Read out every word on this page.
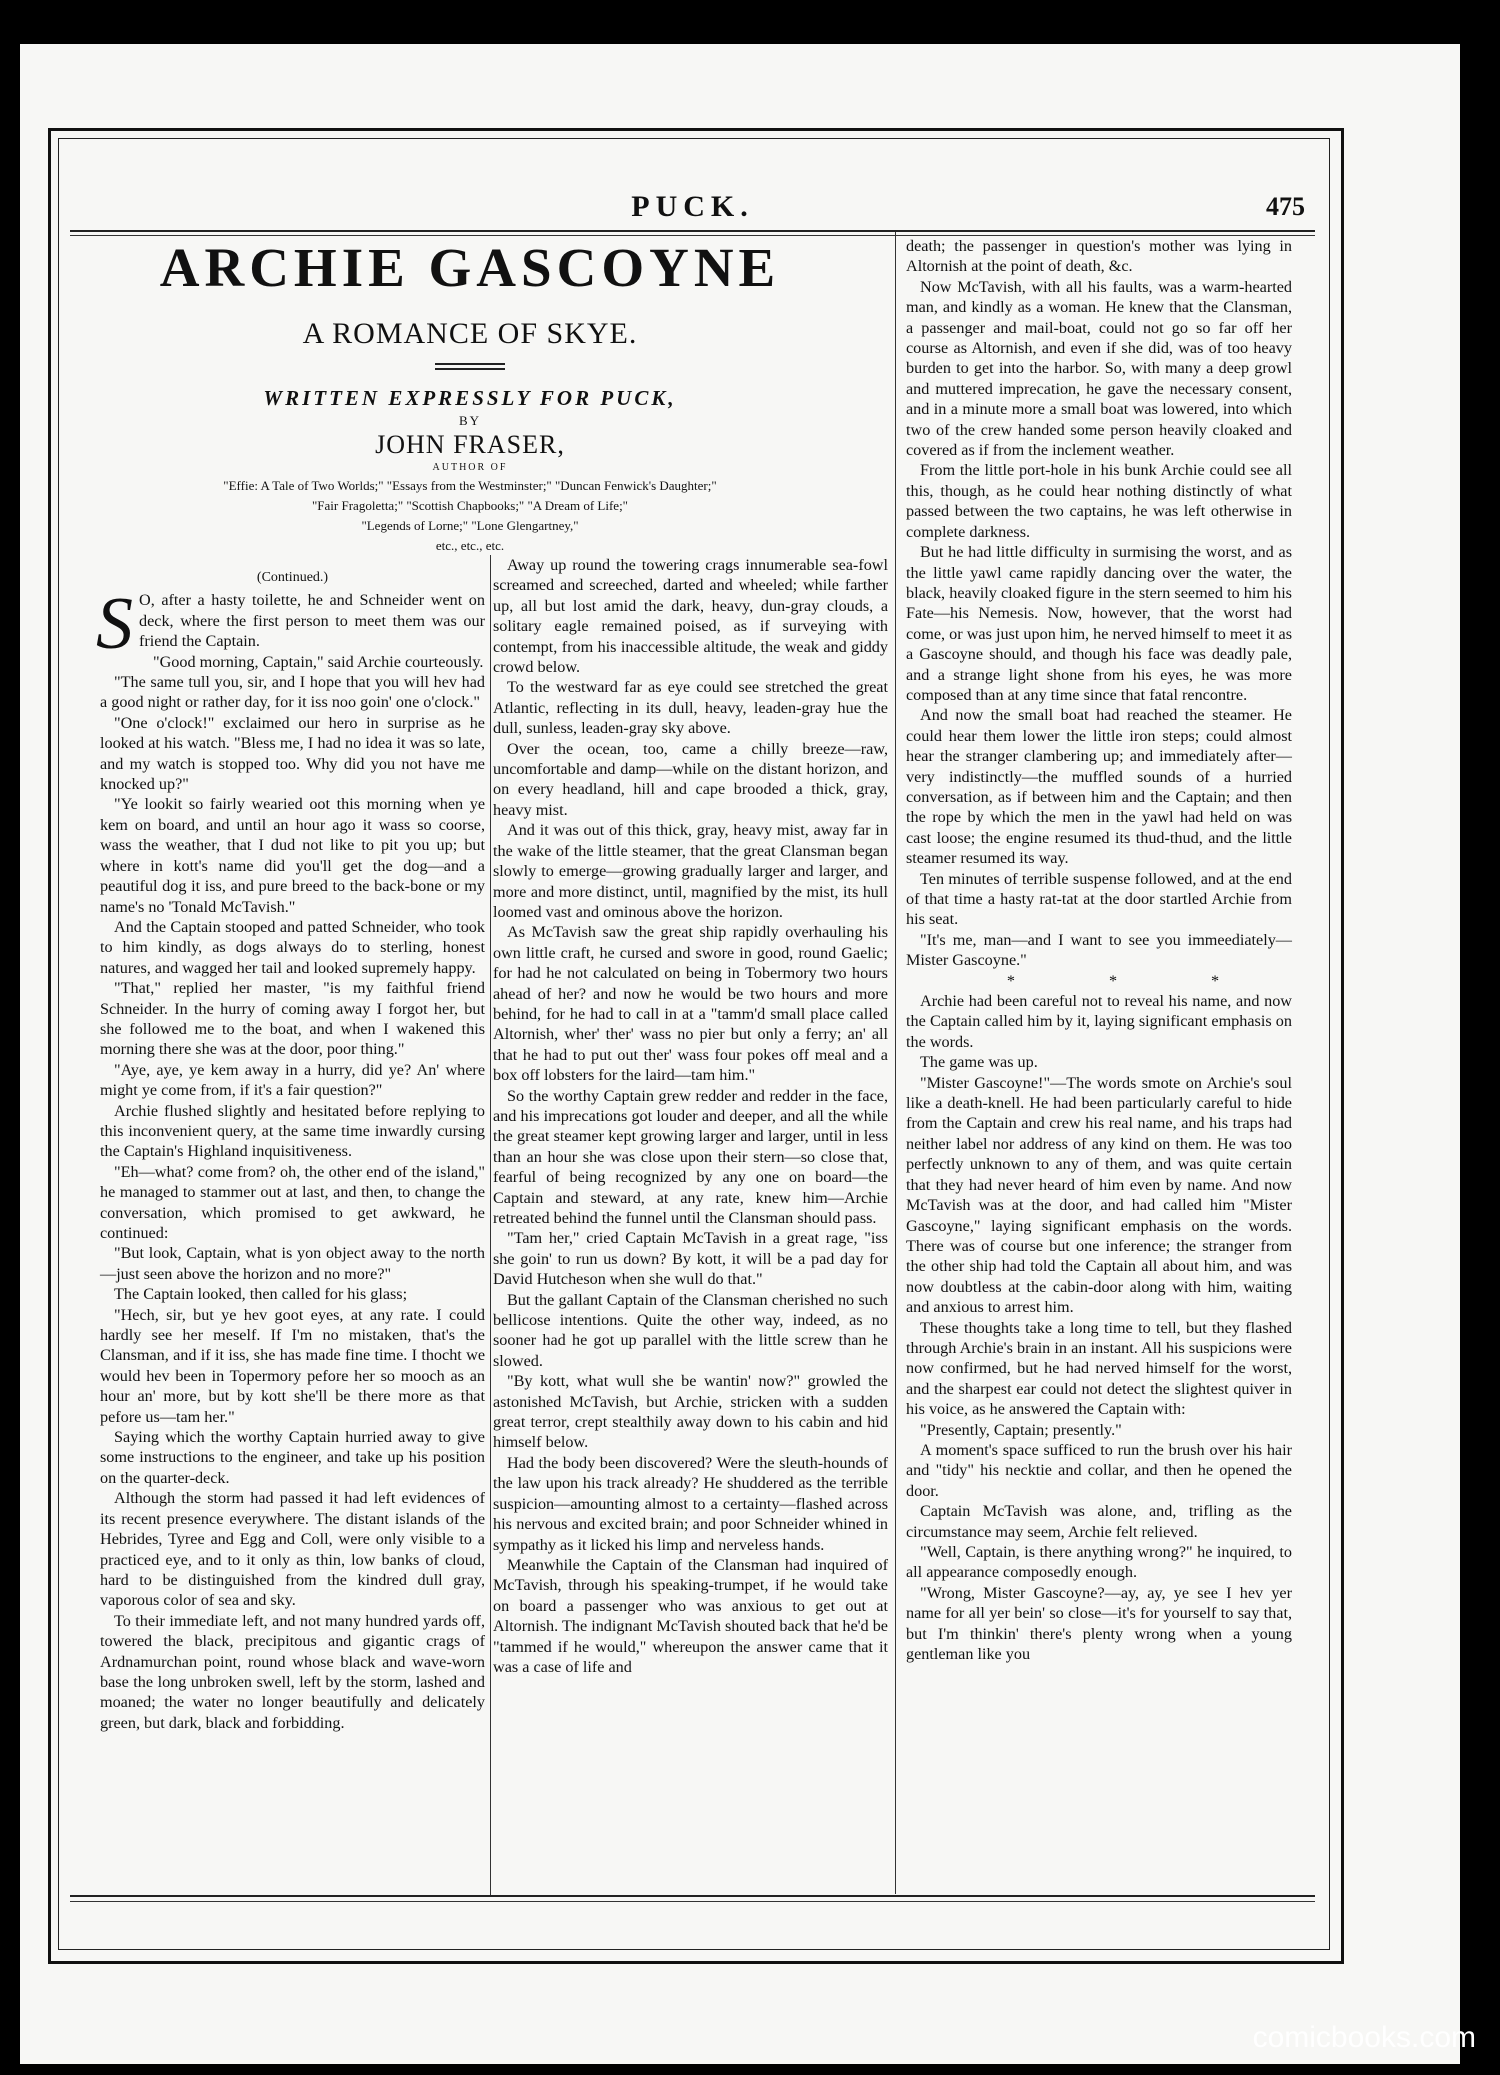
PUCK.	475
ARCHIE GASCOYNE
A ROMANCE OF SKYE.
WRITTEN EXPRESSLY FOR PUCK,
BY
JOHN FRASER,
AUTHOR OF
"Effie: A Tale of Two Worlds;" "Essays from the Westminster;" "Duncan Fenwick's Daughter;"
"Fair Fragoletta;" "Scottish Chapbooks;" "A Dream of Life;"
"Legends of Lorne;" "Lone Glengartney,"
etc., etc., etc.
(Continued.)

S O, after a hasty toilette, he and Schneider went on deck, where the first person to meet them was our friend the Captain.

"Good morning, Captain," said Archie courteously.

"The same tull you, sir, and I hope that you will hev had a good night or rather day, for it iss noo goin' one o'clock."

"One o'clock!" exclaimed our hero in surprise as he looked at his watch. "Bless me, I had no idea it was so late, and my watch is stopped too. Why did you not have me knocked up?"

"Ye lookit so fairly wearied oot this morning when ye kem on board, and until an hour ago it wass so coorse, wass the weather, that I dud not like to pit you up; but where in kott's name did you'll get the dog—and a peautiful dog it iss, and pure breed to the back-bone or my name's no 'Tonald McTavish."

And the Captain stooped and patted Schneider, who took to him kindly, as dogs always do to sterling, honest natures, and wagged her tail and looked supremely happy.

"That," replied her master, "is my faithful friend Schneider. In the hurry of coming away I forgot her, but she followed me to the boat, and when I wakened this morning there she was at the door, poor thing."

"Aye, aye, ye kem away in a hurry, did ye? An' where might ye come from, if it's a fair question?"

Archie flushed slightly and hesitated before replying to this inconvenient query, at the same time inwardly cursing the Captain's Highland inquisitiveness.

"Eh—what? come from? oh, the other end of the island," he managed to stammer out at last, and then, to change the conversation, which promised to get awkward, he continued:

"But look, Captain, what is yon object away to the north—just seen above the horizon and no more?"

The Captain looked, then called for his glass;

"Hech, sir, but ye hev goot eyes, at any rate. I could hardly see her meself. If I'm no mistaken, that's the Clansman, and if it iss, she has made fine time. I thocht we would hev been in Topermory pefore her so mooch as an hour an' more, but by kott she'll be there more as that pefore us—tam her."

Saying which the worthy Captain hurried away to give some instructions to the engineer, and take up his position on the quarter-deck.

Although the storm had passed it had left evidences of its recent presence everywhere. The distant islands of the Hebrides, Tyree and Egg and Coll, were only visible to a practiced eye, and to it only as thin, low banks of cloud, hard to be distinguished from the kindred dull gray, vaporous color of sea and sky.

To their immediate left, and not many hundred yards off, towered the black, precipitous and gigantic crags of Ardnamurchan point, round whose black and wave-worn base the long unbroken swell, left by the storm, lashed and moaned; the water no longer beautifully and delicately green, but dark, black and forbidding.

Away up round the towering crags innumerable sea-fowl screamed and screeched, darted and wheeled; while farther up, all but lost amid the dark, heavy, dun-gray clouds, a solitary eagle remained poised, as if surveying with contempt, from his inaccessible altitude, the weak and giddy crowd below.

To the westward far as eye could see stretched the great Atlantic, reflecting in its dull, heavy, leaden-gray hue the dull, sunless, leaden-gray sky above.

Over the ocean, too, came a chilly breeze—raw, uncomfortable and damp—while on the distant horizon, and on every headland, hill and cape brooded a thick, gray, heavy mist.

And it was out of this thick, gray, heavy mist, away far in the wake of the little steamer, that the great Clansman began slowly to emerge—growing gradually larger and larger, and more and more distinct, until, magnified by the mist, its hull loomed vast and ominous above the horizon.

As McTavish saw the great ship rapidly overhauling his own little craft, he cursed and swore in good, round Gaelic; for had he not calculated on being in Tobermory two hours ahead of her? and now he would be two hours and more behind, for he had to call in at a "tamm'd small place called Altornish, wher' ther' wass no pier but only a ferry; an' all that he had to put out ther' wass four pokes off meal and a box off lobsters for the laird—tam him."

So the worthy Captain grew redder and redder in the face, and his imprecations got louder and deeper, and all the while the great steamer kept growing larger and larger, until in less than an hour she was close upon their stern—so close that, fearful of being recognized by any one on board—the Captain and steward, at any rate, knew him—Archie retreated behind the funnel until the Clansman should pass.

"Tam her," cried Captain McTavish in a great rage, "iss she goin' to run us down? By kott, it will be a pad day for David Hutcheson when she wull do that."

But the gallant Captain of the Clansman cherished no such bellicose intentions. Quite the other way, indeed, as no sooner had he got up parallel with the little screw than he slowed.

"By kott, what wull she be wantin' now?" growled the astonished McTavish, but Archie, stricken with a sudden great terror, crept stealthily away down to his cabin and hid himself below.

Had the body been discovered? Were the sleuth-hounds of the law upon his track already? He shuddered as the terrible suspicion—amounting almost to a certainty—flashed across his nervous and excited brain; and poor Schneider whined in sympathy as it licked his limp and nerveless hands.

Meanwhile the Captain of the Clansman had inquired of McTavish, through his speaking-trumpet, if he would take on board a passenger who was anxious to get out at Altornish. The indignant McTavish shouted back that he'd be "tammed if he would," whereupon the answer came that it was a case of life and

death; the passenger in question's mother was lying in Altornish at the point of death, &c.

Now McTavish, with all his faults, was a warm-hearted man, and kindly as a woman. He knew that the Clansman, a passenger and mail-boat, could not go so far off her course as Altornish, and even if she did, was of too heavy burden to get into the harbor. So, with many a deep growl and muttered imprecation, he gave the necessary consent, and in a minute more a small boat was lowered, into which two of the crew handed some person heavily cloaked and covered as if from the inclement weather.

From the little port-hole in his bunk Archie could see all this, though, as he could hear nothing distinctly of what passed between the two captains, he was left otherwise in complete darkness.

But he had little difficulty in surmising the worst, and as the little yawl came rapidly dancing over the water, the black, heavily cloaked figure in the stern seemed to him his Fate—his Nemesis. Now, however, that the worst had come, or was just upon him, he nerved himself to meet it as a Gascoyne should, and though his face was deadly pale, and a strange light shone from his eyes, he was more composed than at any time since that fatal rencontre.

And now the small boat had reached the steamer. He could hear them lower the little iron steps; could almost hear the stranger clambering up; and immediately after—very indistinctly—the muffled sounds of a hurried conversation, as if between him and the Captain; and then the rope by which the men in the yawl had held on was cast loose; the engine resumed its thud-thud, and the little steamer resumed its way.

Ten minutes of terrible suspense followed, and at the end of that time a hasty rat-tat at the door startled Archie from his seat.

"It's me, man—and I want to see you immeediately—Mister Gascoyne."

*	*	*

Archie had been careful not to reveal his name, and now the Captain called him by it, laying significant emphasis on the words.

The game was up.

"Mister Gascoyne!"—The words smote on Archie's soul like a death-knell. He had been particularly careful to hide from the Captain and crew his real name, and his traps had neither label nor address of any kind on them. He was too perfectly unknown to any of them, and was quite certain that they had never heard of him even by name. And now McTavish was at the door, and had called him "Mister Gascoyne," laying significant emphasis on the words. There was of course but one inference; the stranger from the other ship had told the Captain all about him, and was now doubtless at the cabin-door along with him, waiting and anxious to arrest him.

These thoughts take a long time to tell, but they flashed through Archie's brain in an instant. All his suspicions were now confirmed, but he had nerved himself for the worst, and the sharpest ear could not detect the slightest quiver in his voice, as he answered the Captain with:

"Presently, Captain; presently."

A moment's space sufficed to run the brush over his hair and "tidy" his necktie and collar, and then he opened the door.

Captain McTavish was alone, and, trifling as the circumstance may seem, Archie felt relieved.

"Well, Captain, is there anything wrong?" he inquired, to all appearance composedly enough.

"Wrong, Mister Gascoyne?—ay, ay, ye see I hev yer name for all yer bein' so close—it's for yourself to say that, but I'm thinkin' there's plenty wrong when a young gentleman like you

comicbooks.com
